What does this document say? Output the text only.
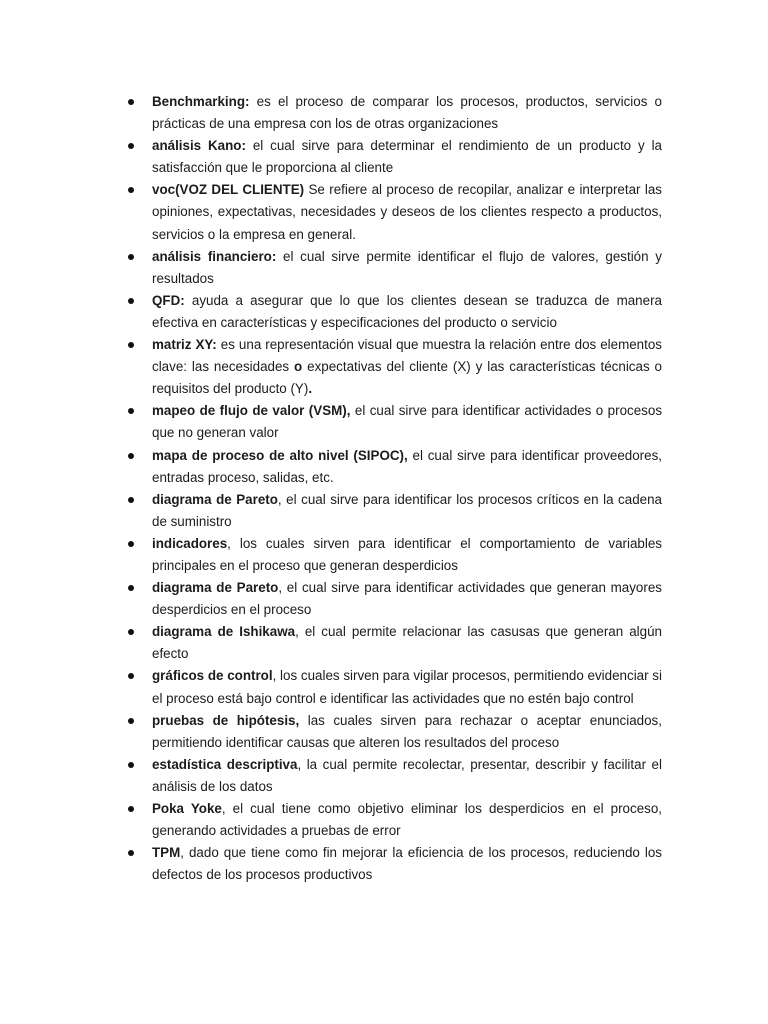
Benchmarking: es el proceso de comparar los procesos, productos, servicios o prácticas de una empresa con los de otras organizaciones
análisis Kano: el cual sirve para determinar el rendimiento de un producto y la satisfacción que le proporciona al cliente
voc(VOZ DEL CLIENTE) Se refiere al proceso de recopilar, analizar e interpretar las opiniones, expectativas, necesidades y deseos de los clientes respecto a productos, servicios o la empresa en general.
análisis financiero: el cual sirve permite identificar el flujo de valores, gestión y resultados
QFD: ayuda a asegurar que lo que los clientes desean se traduzca de manera efectiva en características y especificaciones del producto o servicio
matriz XY: es una representación visual que muestra la relación entre dos elementos clave: las necesidades o expectativas del cliente (X) y las características técnicas o requisitos del producto (Y).
mapeo de flujo de valor (VSM), el cual sirve para identificar actividades o procesos que no generan valor
mapa de proceso de alto nivel (SIPOC), el cual sirve para identificar proveedores, entradas proceso, salidas, etc.
diagrama de Pareto, el cual sirve para identificar los procesos críticos en la cadena de suministro
indicadores, los cuales sirven para identificar el comportamiento de variables principales en el proceso que generan desperdicios
diagrama de Pareto, el cual sirve para identificar actividades que generan mayores desperdicios en el proceso
diagrama de Ishikawa, el cual permite relacionar las casusas que generan algún efecto
gráficos de control, los cuales sirven para vigilar procesos, permitiendo evidenciar si el proceso está bajo control e identificar las actividades que no estén bajo control
pruebas de hipótesis, las cuales sirven para rechazar o aceptar enunciados, permitiendo identificar causas que alteren los resultados del proceso
estadística descriptiva, la cual permite recolectar, presentar, describir y facilitar el análisis de los datos
Poka Yoke, el cual tiene como objetivo eliminar los desperdicios en el proceso, generando actividades a pruebas de error
TPM, dado que tiene como fin mejorar la eficiencia de los procesos, reduciendo los defectos de los procesos productivos
